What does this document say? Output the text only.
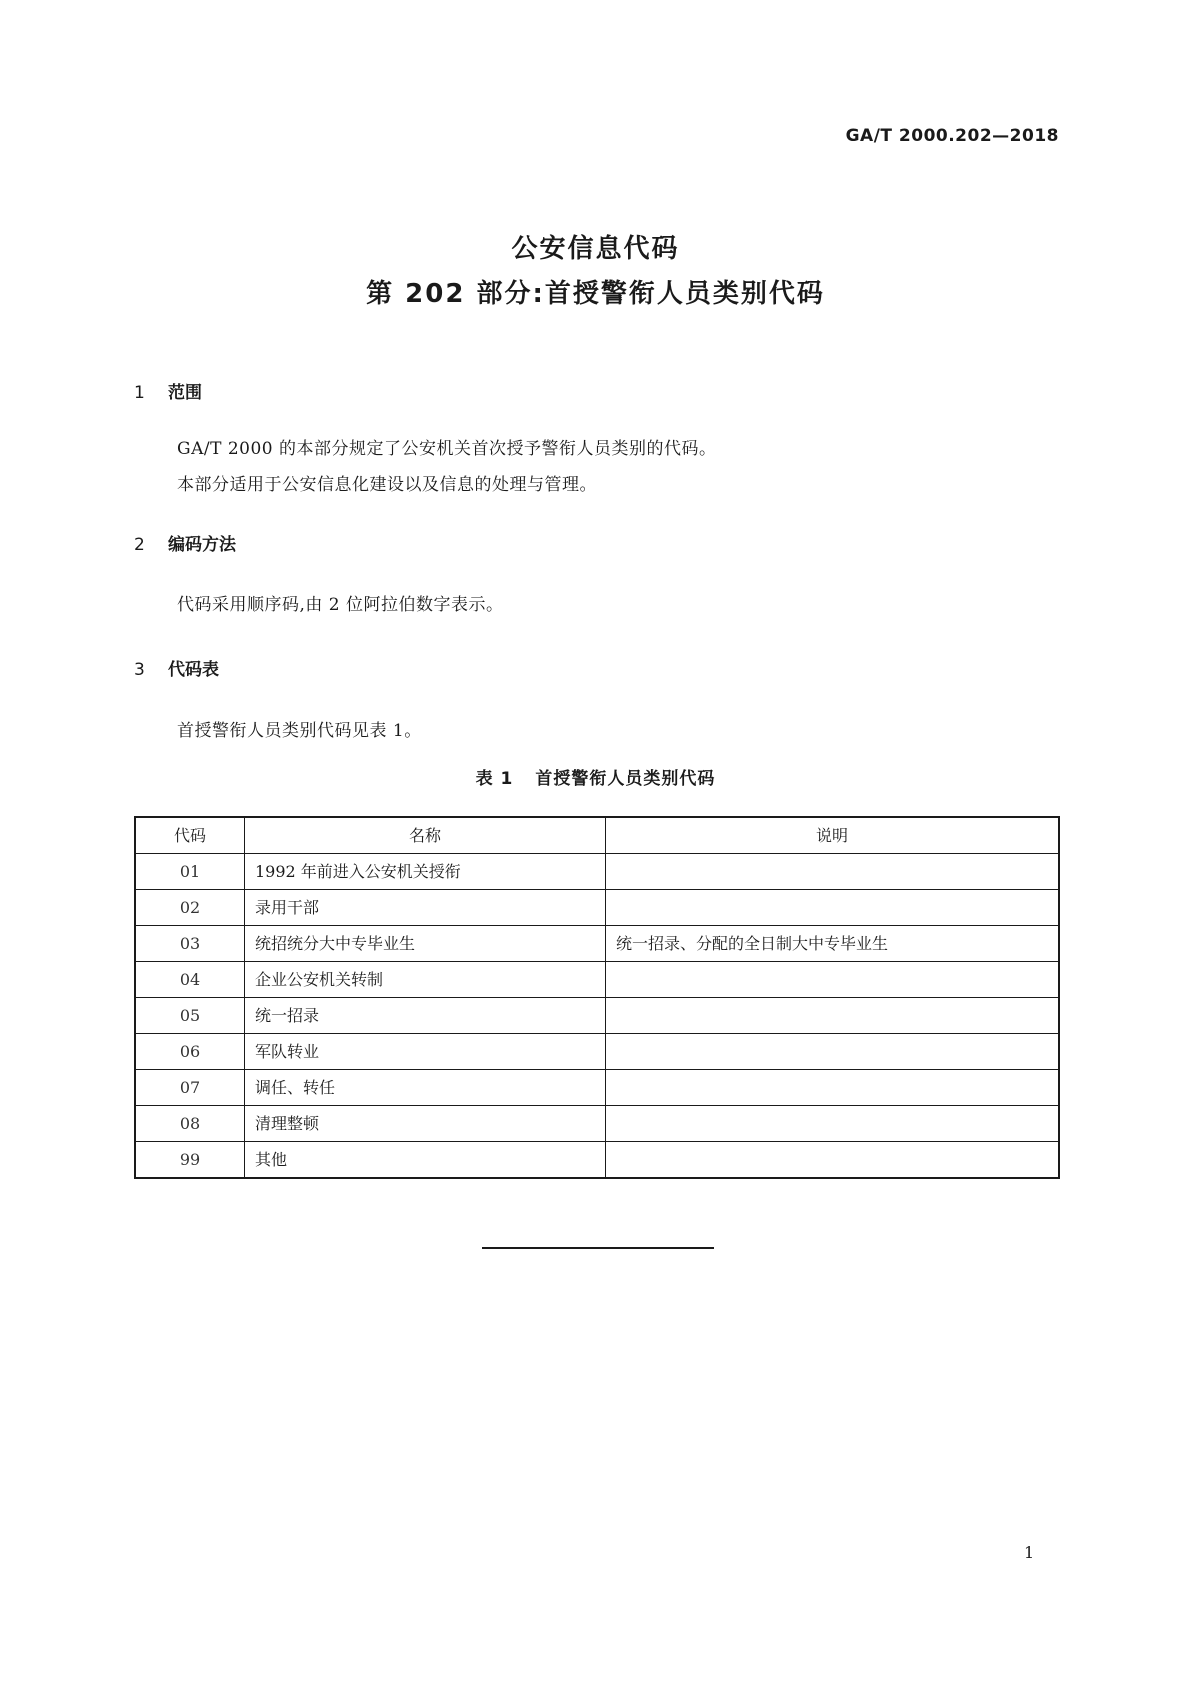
GA/T 2000.202—2018

公安信息代码
第 202 部分:首授警衔人员类别代码
1 范围

GA/T 2000 的本部分规定了公安机关首次授予警衔人员类别的代码。

本部分适用于公安信息化建设以及信息的处理与管理。

2 编码方法

代码采用顺序码,由 2 位阿拉伯数字表示。

3 代码表

首授警衔人员类别代码见表 1。

表 1 首授警衔人员类别代码

代码	名称	说明
01	1992 年前进入公安机关授衔	
02	录用干部	
03	统招统分大中专毕业生	统一招录、分配的全日制大中专毕业生
04	企业公安机关转制	
05	统一招录	
06	军队转业	
07	调任、转任	
08	清理整顿	
99	其他	

1
